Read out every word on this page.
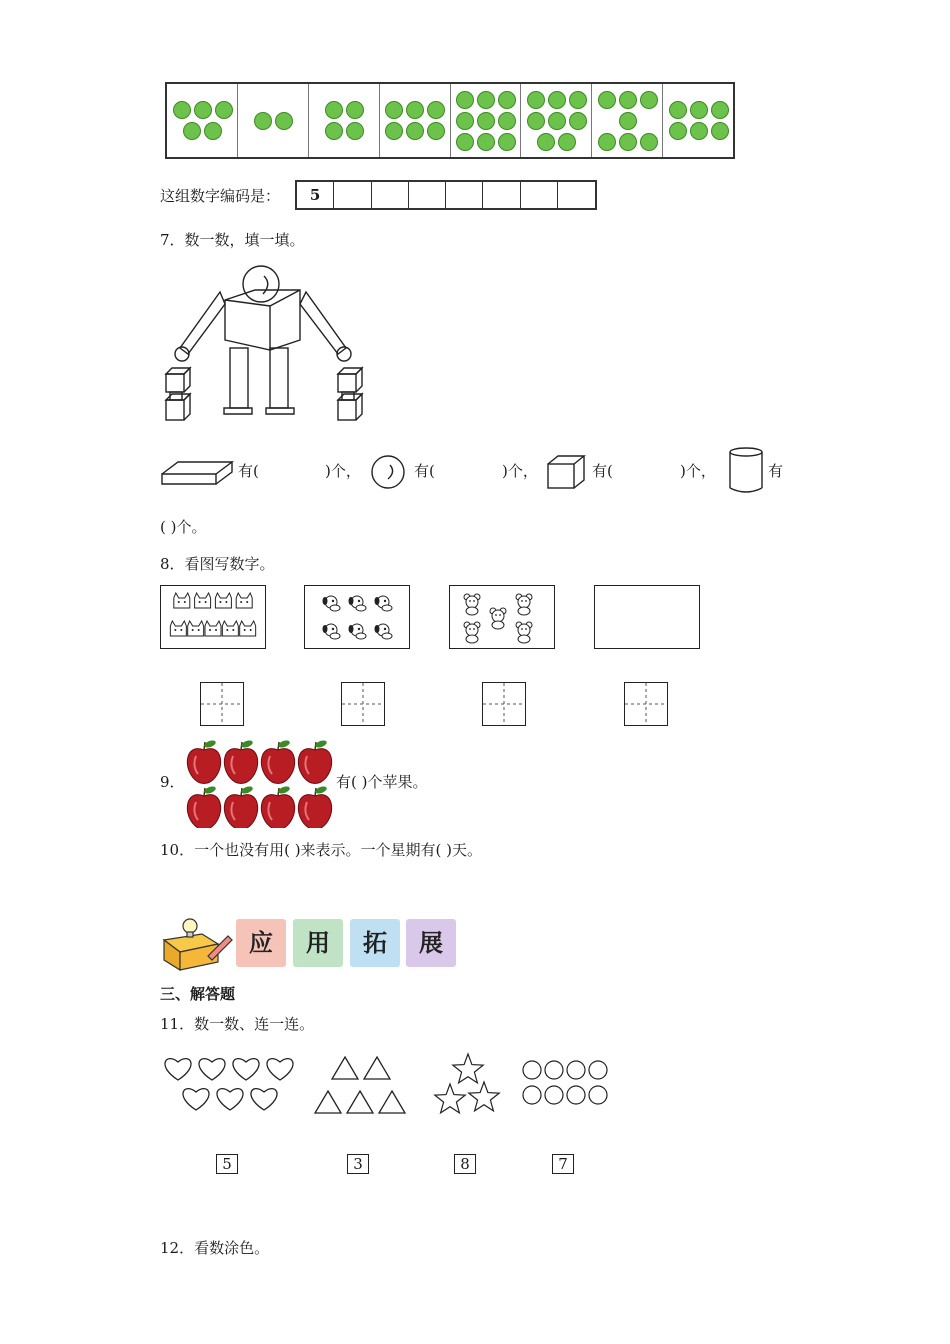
这组数字编码是：	5
7．数一数，填一填。
有(	)个，	有(	)个，	有(	)个，	有
( )个。
8．看图写数字。
9．	有( )个苹果。
10．一个也没有用( )来表示。一个星期有( )天。
应	用	拓	展
三、解答题
11．数一数、连一连。
5	3	8	7
12．看数涂色。
